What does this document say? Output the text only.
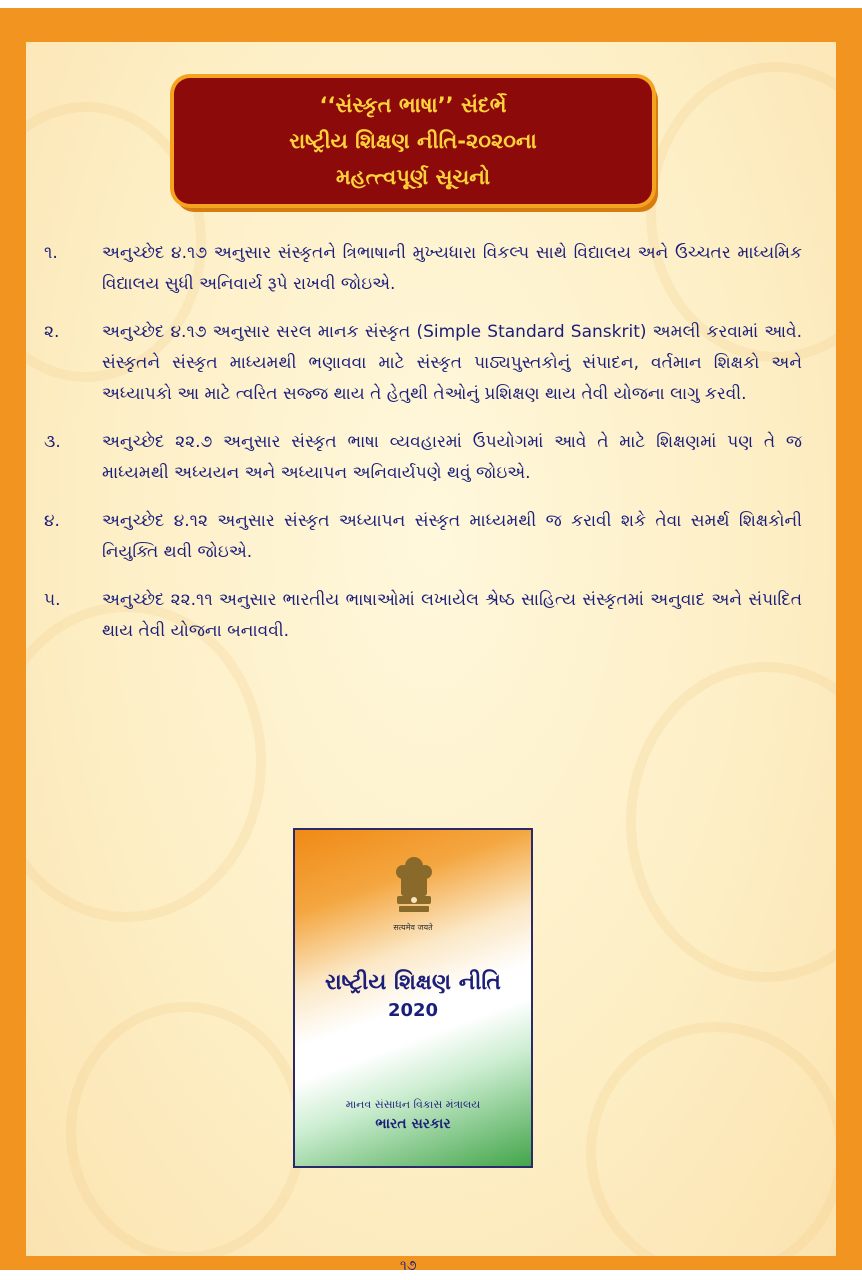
‘‘સંસ્કૃત ભાષા’’ સંદર્ભે
રાષ્ટ્રીય શિક્ષણ નીતિ-૨૦૨૦ના
મહત્ત્વપૂર્ણ સૂચનો
૧.	અનુચ્છેદ ૪.૧૭ અનુસાર સંસ્કૃતને ત્રિભાષાની મુખ્યધારા વિકલ્પ સાથે વિદ્યાલય અને ઉચ્ચતર માધ્યમિક વિદ્યાલય સુધી અનિવાર્ય રૂપે રાખવી જોઇએ.
૨.	અનુચ્છેદ ૪.૧૭ અનુસાર સરલ માનક સંસ્કૃત (Simple Standard Sanskrit) અમલી કરવામાં આવે. સંસ્કૃતને સંસ્કૃત માધ્યમથી ભણાવવા માટે સંસ્કૃત પાઠ્યપુસ્તકોનું સંપાદન, વર્તમાન શિક્ષકો અને અધ્યાપકો આ માટે ત્વરિત સજ્જ થાય તે હેતુથી તેઓનું પ્રશિક્ષણ થાય તેવી યોજના લાગુ કરવી.
૩.	અનુચ્છેદ ૨૨.૭ અનુસાર સંસ્કૃત ભાષા વ્યવહારમાં ઉપયોગમાં આવે તે માટે શિક્ષણમાં પણ તે જ માધ્યમથી અધ્યયન અને અધ્યાપન અનિવાર્યપણે થવું જોઇએ.
૪.	અનુચ્છેદ ૪.૧૨ અનુસાર સંસ્કૃત અધ્યાપન સંસ્કૃત માધ્યમથી જ કરાવી શકે તેવા સમર્થ શિક્ષકોની નિયુક્તિ થવી જોઇએ.
૫.	અનુચ્છેદ ૨૨.૧૧ અનુસાર ભારતીય ભાષાઓમાં લખાયેલ શ્રેષ્ઠ સાહિત્ય સંસ્કૃતમાં અનુવાદ અને સંપાદિત થાય તેવી યોજના બનાવવી.
सत्यमेव जयते
રાષ્ટ્રીય શિક્ષણ નીતિ
2020
માનવ સંસાધન વિકાસ મંત્રાલય
ભારત સરકાર
૧૭
